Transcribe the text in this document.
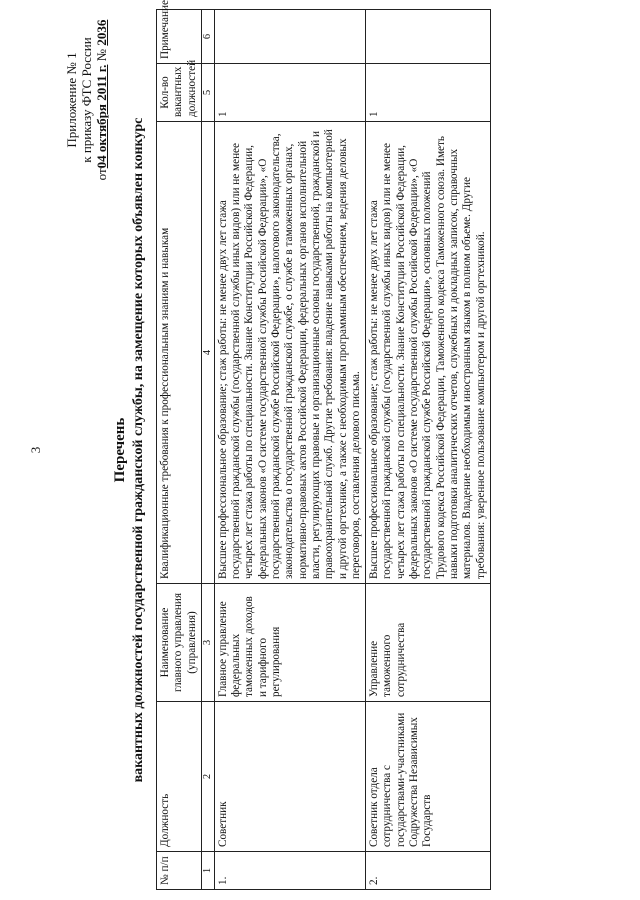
3
Приложение № 1 к приказу ФТС России
от04 октября 2011 г. № 2036
Перечень вакантных должностей государственной гражданской службы, на замещение которых объявлен конкурс
№ п/п	Должность	Наименование главного управления (управления)	Квалификационные требования к профессиональным знаниям и навыкам	Кол-во вакантных должностей	Примечание
1	2	3	4	5	6
1.	Советник	Главное управление федеральных таможенных доходов и тарифного регулирования	Высшее профессиональное образование; стаж работы: не менее двух лет стажа государственной гражданской службы (государственной службы иных видов) или не менее четырех лет стажа работы по специальности. Знание Конституции Российской Федерации, федеральных законов «О системе государственной службы Российской Федерации», «О государственной гражданской службе Российской Федерации», налогового законодательства, законодательства о государственной гражданской службе, о службе в таможенных органах, нормативно-правовых актов Российской Федерации, федеральных органов исполнительной власти, регулирующих правовые и организационные основы государственной, гражданской и правоохранительной служб. Другие требования: владение навыками работы на компьютерной и другой оргтехнике, а также с необходимым программным обеспечением, ведения деловых переговоров, составления делового письма.	1	
2.	Советник отдела сотрудничества с государствами-участниками Содружества Независимых Государств	Управление таможенного сотрудничества	Высшее профессиональное образование; стаж работы: не менее двух лет стажа государственной гражданской службы (государственной службы иных видов) или не менее четырех лет стажа работы по специальности. Знание Конституции Российской Федерации, федеральных законов «О системе государственной службы Российской Федерации», «О государственной гражданской службе Российской Федерации», основных положений Трудового кодекса Российской Федерации, Таможенного кодекса Таможенного союза. Иметь навыки подготовки аналитических отчетов, служебных и докладных записок, справочных материалов. Владение необходимым иностранным языком в полном объеме. Другие требования: уверенное пользование компьютером и другой оргтехникой.	1	
